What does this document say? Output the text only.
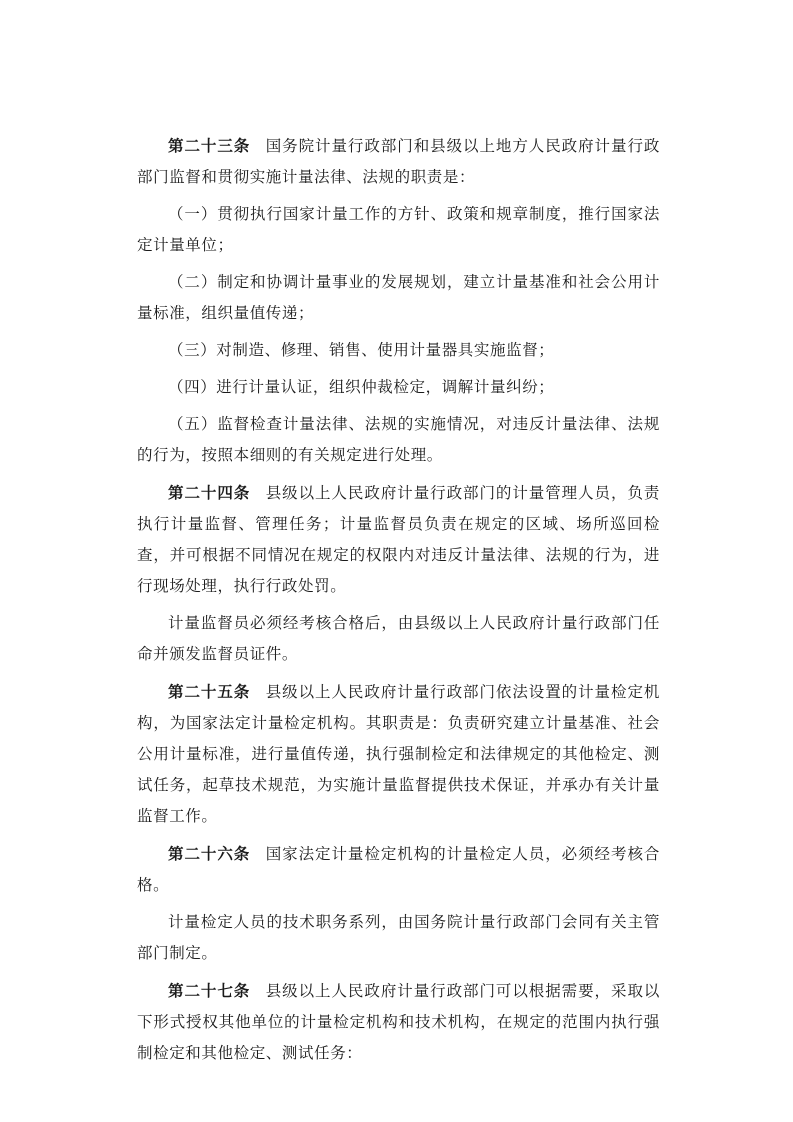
第二十三条 国务院计量行政部门和县级以上地方人民政府计量行政部门监督和贯彻实施计量法律、法规的职责是：

（一）贯彻执行国家计量工作的方针、政策和规章制度，推行国家法定计量单位；

（二）制定和协调计量事业的发展规划，建立计量基准和社会公用计量标准，组织量值传递；

（三）对制造、修理、销售、使用计量器具实施监督；

（四）进行计量认证，组织仲裁检定，调解计量纠纷；

（五）监督检查计量法律、法规的实施情况，对违反计量法律、法规的行为，按照本细则的有关规定进行处理。

第二十四条 县级以上人民政府计量行政部门的计量管理人员，负责执行计量监督、管理任务；计量监督员负责在规定的区域、场所巡回检查，并可根据不同情况在规定的权限内对违反计量法律、法规的行为，进行现场处理，执行行政处罚。

计量监督员必须经考核合格后，由县级以上人民政府计量行政部门任命并颁发监督员证件。

第二十五条 县级以上人民政府计量行政部门依法设置的计量检定机构，为国家法定计量检定机构。其职责是：负责研究建立计量基准、社会公用计量标准，进行量值传递，执行强制检定和法律规定的其他检定、测试任务，起草技术规范，为实施计量监督提供技术保证，并承办有关计量监督工作。

第二十六条 国家法定计量检定机构的计量检定人员，必须经考核合格。

计量检定人员的技术职务系列，由国务院计量行政部门会同有关主管部门制定。

第二十七条 县级以上人民政府计量行政部门可以根据需要，采取以下形式授权其他单位的计量检定机构和技术机构，在规定的范围内执行强制检定和其他检定、测试任务：
